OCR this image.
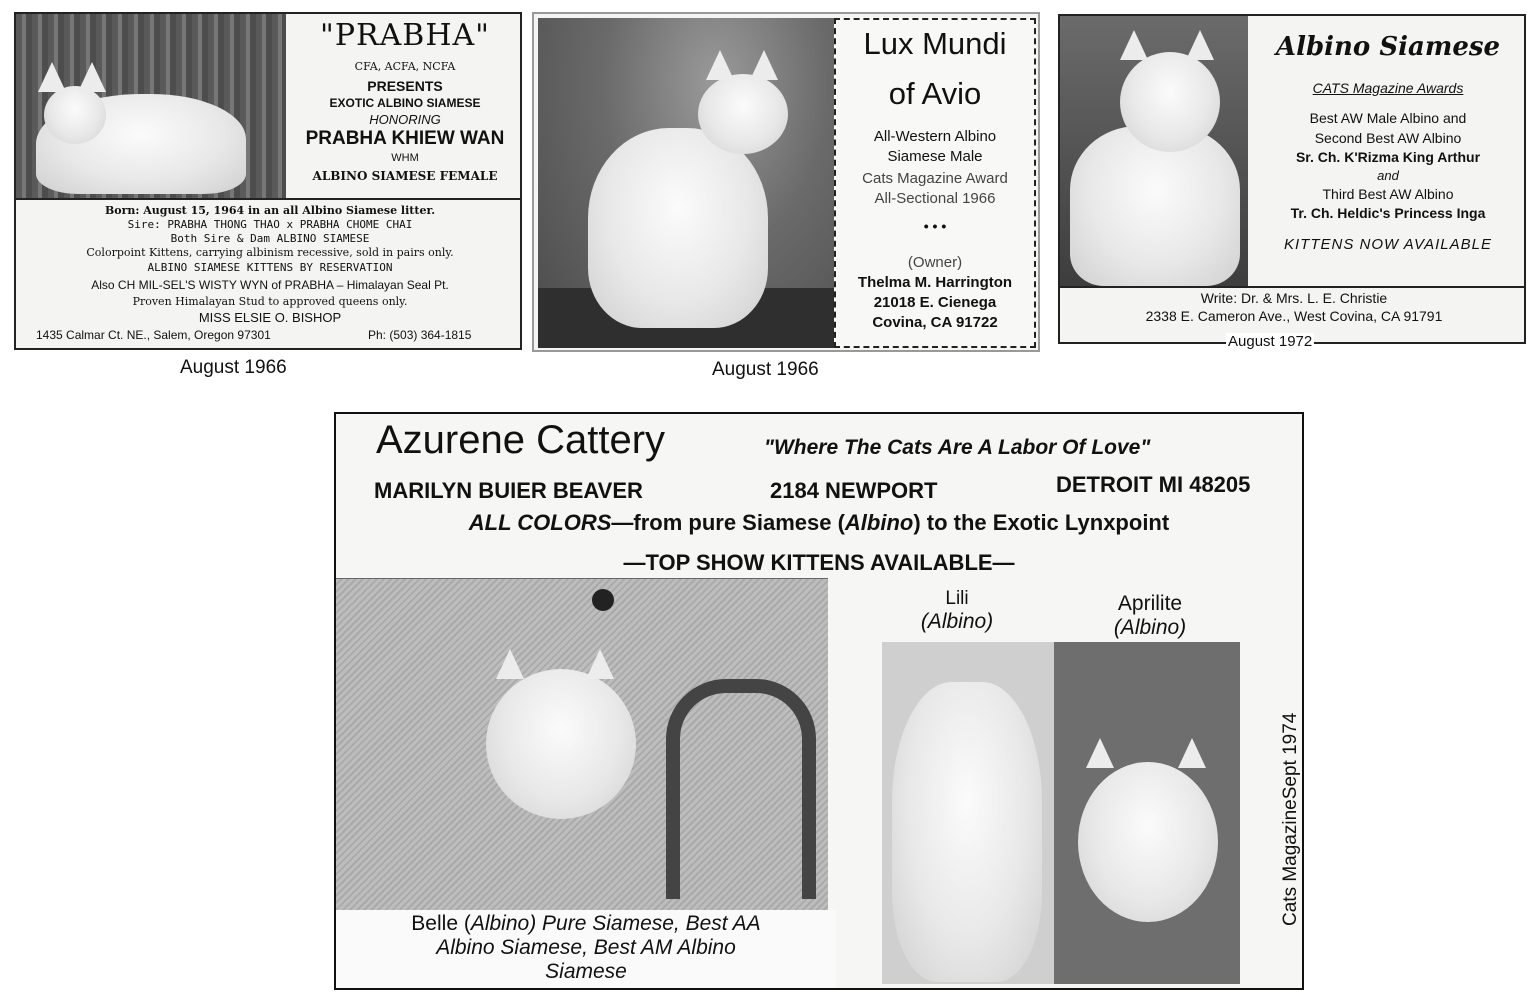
"PRABHA"
CFA, ACFA, NCFA
PRESENTS
EXOTIC ALBINO SIAMESE
HONORING
PRABHA KHIEW WAN
WHM
ALBINO SIAMESE FEMALE
Born: August 15, 1964 in an all Albino Siamese litter.
Sire: PRABHA THONG THAO x PRABHA CHOME CHAI
Both Sire & Dam ALBINO SIAMESE
Colorpoint Kittens, carrying albinism recessive, sold in pairs only.
ALBINO SIAMESE KITTENS BY RESERVATION
Also CH MIL-SEL'S WISTY WYN of PRABHA – Himalayan Seal Pt.
Proven Himalayan Stud to approved queens only.
MISS ELSIE O. BISHOP
1435 Calmar Ct. NE., Salem, Oregon 97301	Ph: (503) 364-1815
August 1966
Lux Mundi
of Avio
All-Western Albino
Siamese Male
Cats Magazine Award
All-Sectional 1966
• • •
(Owner)
Thelma M. Harrington
21018 E. Cienega
Covina, CA 91722
August 1966
Albino Siamese
CATS Magazine Awards
Best AW Male Albino and
Second Best AW Albino
Sr. Ch. K'Rizma King Arthur
and
Third Best AW Albino
Tr. Ch. Heldic's Princess Inga
KITTENS NOW AVAILABLE
Write: Dr. & Mrs. L. E. Christie
2338 E. Cameron Ave., West Covina, CA 91791
August 1972
Azurene Cattery	"Where The Cats Are A Labor Of Love"
MARILYN BUIER BEAVER	2184 NEWPORT	DETROIT MI 48205
ALL COLORS—from pure Siamese (Albino) to the Exotic Lynxpoint
—TOP SHOW KITTENS AVAILABLE—
Belle (Albino) Pure Siamese, Best AA
Albino Siamese, Best AM Albino
Siamese
Lili
(Albino)
Aprilite
(Albino)
Cats MagazineSept 1974
